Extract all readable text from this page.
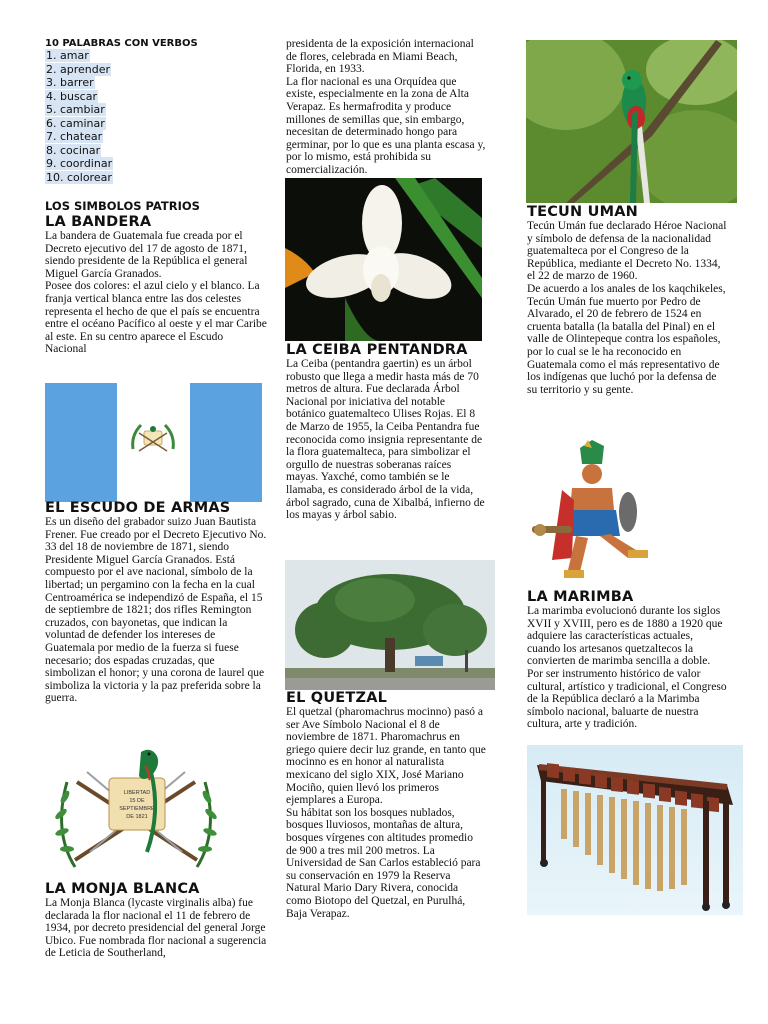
10 PALABRAS CON VERBOS
1. amar
2. aprender
3. barrer
4. buscar
5. cambiar
6. caminar
7. chatear
8. cocinar
9. coordinar
10. colorear
LOS SIMBOLOS PATRIOS
LA BANDERA

La bandera de Guatemala fue creada por el Decreto ejecutivo del 17 de agosto de 1871, siendo presidente de la República el general Miguel García Granados.

Posee dos colores: el azul cielo y el blanco. La franja vertical blanca entre las dos celestes representa el hecho de que el país se encuentra entre el océano Pacífico al oeste y el mar Caribe al este. En su centro aparece el Escudo Nacional

EL ESCUDO DE ARMAS

Es un diseño del grabador suizo Juan Bautista Frener. Fue creado por el Decreto Ejecutivo No. 33 del 18 de noviembre de 1871, siendo Presidente Miguel García Granados. Está compuesto por el ave nacional, símbolo de la libertad; un pergamino con la fecha en la cual Centroamérica se independizó de España, el 15 de septiembre de 1821; dos rifles Remington cruzados, con bayonetas, que indican la voluntad de defender los intereses de Guatemala por medio de la fuerza si fuese necesario; dos espadas cruzadas, que simbolizan el honor; y una corona de laurel que simboliza la victoria y la paz preferida sobre la guerra.

LIBERTAD
15 DE
SEPTIEMBRE
DE 1821
LA MONJA BLANCA

La Monja Blanca (lycaste virginalis alba) fue declarada la flor nacional el 11 de febrero de 1934, por decreto presidencial del general Jorge Ubico. Fue nombrada flor nacional a sugerencia de Leticia de Southerland,

presidenta de la exposición internacional de flores, celebrada en Miami Beach, Florida, en 1933.

La flor nacional es una Orquídea que existe, especialmente en la zona de Alta Verapaz. Es hermafrodita y produce millones de semillas que, sin embargo, necesitan de determinado hongo para germinar, por lo que es una planta escasa y, por lo mismo, está prohibida su comercialización.

LA CEIBA PENTANDRA

La Ceiba (pentandra gaertin) es un árbol robusto que llega a medir hasta más de 70 metros de altura. Fue declarada Árbol Nacional por iniciativa del notable botánico guatemalteco Ulises Rojas. El 8 de Marzo de 1955, la Ceiba Pentandra fue reconocida como insignia representante de la flora guatemalteca, para simbolizar el orgullo de nuestras soberanas raíces mayas. Yaxché, como también se le llamaba, es considerado árbol de la vida, árbol sagrado, cuna de Xibalbá, infierno de los mayas y árbol sabio.

EL QUETZAL

El quetzal (pharomachrus mocinno) pasó a ser Ave Símbolo Nacional el 8 de noviembre de 1871. Pharomachrus en griego quiere decir luz grande, en tanto que mocinno es en honor al naturalista mexicano del siglo XIX, José Mariano Mociño, quien llevó los primeros ejemplares a Europa.

Su hábitat son los bosques nublados, bosques lluviosos, montañas de altura, bosques vírgenes con altitudes promedio de 900 a tres mil 200 metros. La Universidad de San Carlos estableció para su conservación en 1979 la Reserva Natural Mario Dary Rivera, conocida como Biotopo del Quetzal, en Purulhá, Baja Verapaz.

TECUN UMAN

Tecún Umán fue declarado Héroe Nacional y símbolo de defensa de la nacionalidad guatemalteca por el Congreso de la República, mediante el Decreto No. 1334, el 22 de marzo de 1960.

De acuerdo a los anales de los kaqchikeles, Tecún Umán fue muerto por Pedro de Alvarado, el 20 de febrero de 1524 en cruenta batalla (la batalla del Pinal) en el valle de Olintepeque contra los españoles, por lo cual se le ha reconocido en Guatemala como el más representativo de los indígenas que luchó por la defensa de su territorio y su gente.

LA MARIMBA

La marimba evolucionó durante los siglos XVII y XVIII, pero es de 1880 a 1920 que adquiere las características actuales, cuando los artesanos quetzaltecos la convierten de marimba sencilla a doble. Por ser instrumento histórico de valor cultural, artístico y tradicional, el Congreso de la República declaró a la Marimba símbolo nacional, baluarte de nuestra cultura, arte y tradición.
